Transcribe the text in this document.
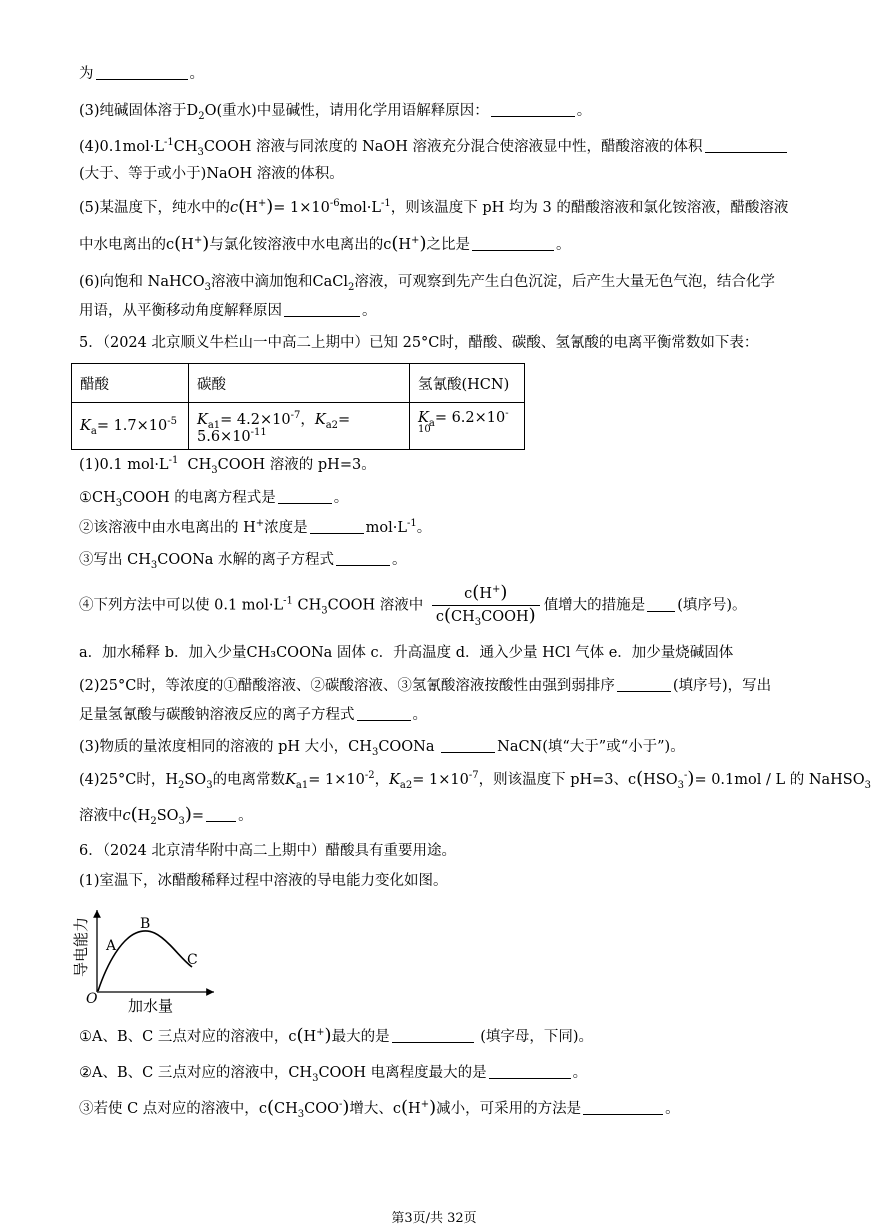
为	。
(3)纯碱固体溶于$D_2O$(重水)中显碱性，请用化学用语解释原因：	。
$(4)0.1mol\cdot L^{-1}CH_3COOH$ 溶液与同浓度的 NaOH 溶液充分混合使溶液显中性，醋酸溶液的体积
(大于、等于或小于)NaOH 溶液的体积。
(5)某温度下，纯水中的$c(H^+)= 1\times 10^{-6}mol\cdot L^{-1}$，则该温度下 pH 均为 3 的醋酸溶液和氯化铵溶液，醋酸溶液
中水电离出的c(H+)与氯化铵溶液中水电离出的c(H+)之比是	。
(6)向饱和 NaHCO$_3$溶液中滴加饱和CaCl$_2$溶液，可观察到先产生白色沉淀，后产生大量无色气泡，结合化学
用语，从平衡移动角度解释原因	。
5．（2024 北京顺义牛栏山一中高二上期中）已知 25°C时，醋酸、碳酸、氢氰酸的电离平衡常数如下表：
醋酸	碳酸	氢氰酸(HCN)
$K_a= 1.7\times 10^{-5}$	$K_{a1}= 4.2\times 10^{-7}$，$K_{a2}= 5.6\times 10^{-11}$	$K_a= 6.2\times 10^{-10}$
(1)0.1 $mol\cdot L^{-1}$ $CH_3COOH$ 溶液的 pH=3。
$①CH_3COOH$ 的电离方程式是	。
②该溶液中由水电离出的 H+浓度是	$mol\cdot L^{-1}$。
③写出 $CH_3COONa$ 水解的离子方程式	。
④下列方法中可以使 0.1 $mol\cdot L^{-1}$ $CH_3COOH$ 溶液中 $\frac{c(H^+)}{c(CH_3COOH)}$ 值增大的措施是 (填序号)。
a．加水稀释 b．加入少量CH₃COONa 固体 c．升高温度 d．通入少量 HCl 气体 e．加少量烧碱固体
(2)25°C时，等浓度的①醋酸溶液、②碳酸溶液、③氢氰酸溶液按酸性由强到弱排序	(填序号)，写出
足量氢氰酸与碳酸钠溶液反应的离子方程式	。
(3)物质的量浓度相同的溶液的 pH 大小，$CH_3COONa$	NaCN(填“大于”或“小于”)。
(4)25°C时，$H_2SO_3$的电离常数$K_{a1}= 1\times 10^{-2}$，$K_{a2}= 1\times 10^{-7}$，则该温度下 pH=3、$c(HSO_3^-)= 0.1mol / L$ 的 NaHSO$_3$
溶液中$c(H_2SO_3)=$ 。
6．（2024 北京清华附中高二上期中）醋酸具有重要用途。
(1)室温下，冰醋酸稀释过程中溶液的导电能力变化如图。
导电能力
加水量
O
A
B
C
①A、B、C 三点对应的溶液中，c(H+)最大的是	(填字母，下同)。
②A、B、C 三点对应的溶液中，$CH_3COOH$ 电离程度最大的是	。
③若使 C 点对应的溶液中，$c(CH_3COO^-)$增大、c(H+)减小，可采用的方法是	。
第3页/共 32页
